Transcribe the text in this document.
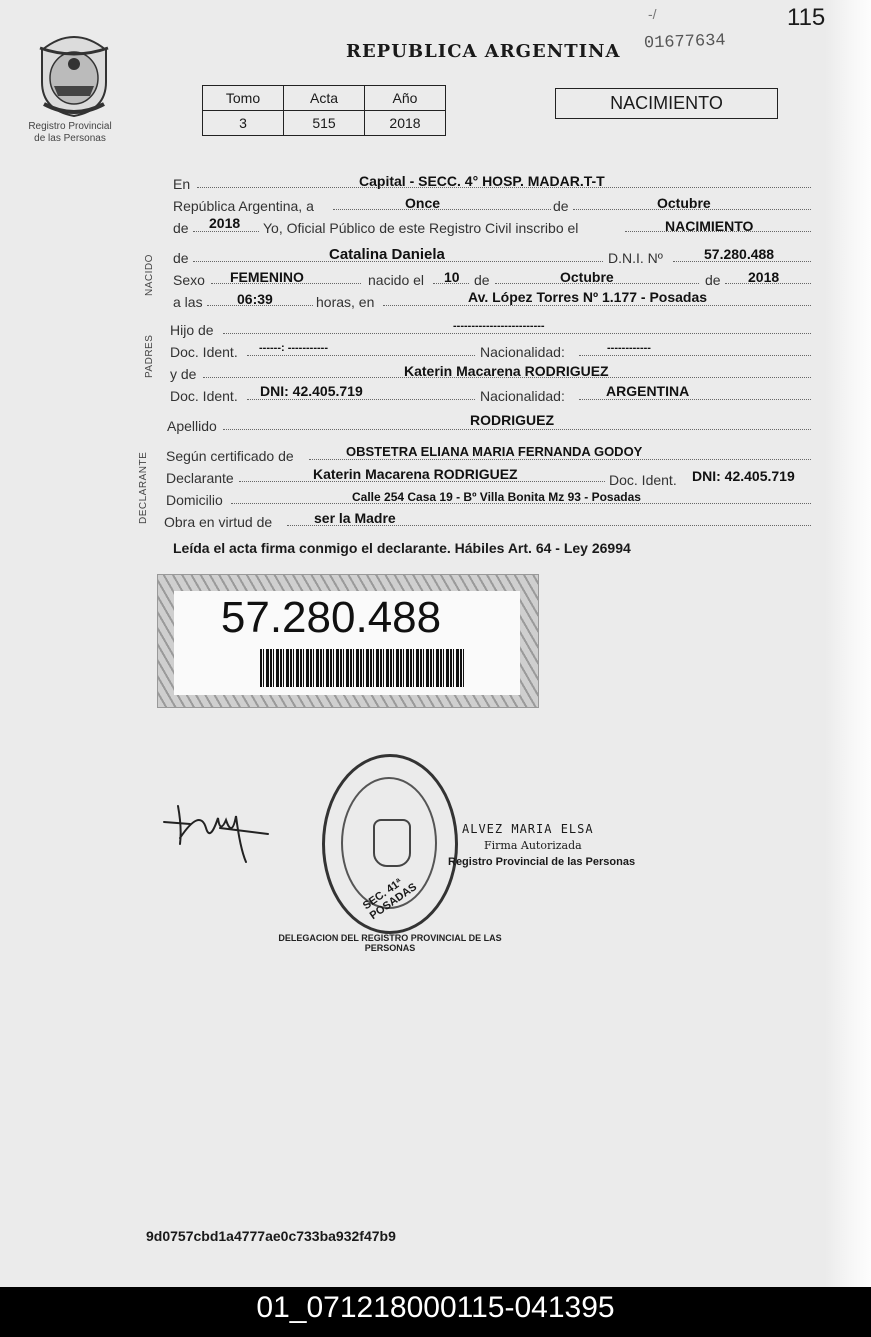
115
-/
Registro Provincial
de las Personas
REPUBLICA ARGENTINA 01677634
Tomo	Acta	Año
3	515	2018
NACIMIENTO
En	Capital - SECC. 4° HOSP. MADAR.T-T
República Argentina, a	Once	de	Octubre
de 2018 Yo, Oficial Público de este Registro Civil inscribo el	NACIMIENTO
NACIDO de	Catalina Daniela	D.N.I. Nº	57.280.488
Sexo FEMENINO	nacido el 10 de	Octubre	de 2018
a las 06:39	horas, en	Av. López Torres Nº 1.177 - Posadas
PADRES
Hijo de	-------------------------
Doc. Ident. ------: -----------	Nacionalidad:	------------
y de	Katerin Macarena RODRIGUEZ
Doc. Ident. DNI: 42.405.719	Nacionalidad:	ARGENTINA
Apellido	RODRIGUEZ
DECLARANTE Según certificado de	OBSTETRA ELIANA MARIA FERNANDA GODOY
Declarante	Katerin Macarena RODRIGUEZ	Doc. Ident. DNI: 42.405.719
Domicilio	Calle 254 Casa 19 - Bº Villa Bonita Mz 93 - Posadas
Obra en virtud de	ser la Madre
Leída el acta firma conmigo el declarante. Hábiles Art. 64 - Ley 26994
57.280.488
SEC. 41ª POSADAS
DELEGACION DEL REGISTRO PROVINCIAL DE LAS PERSONAS
ALVEZ MARIA ELSA
Firma Autorizada
Registro Provincial de las Personas
9d0757cbd1a4777ae0c733ba932f47b9
01_071218000115-041395
